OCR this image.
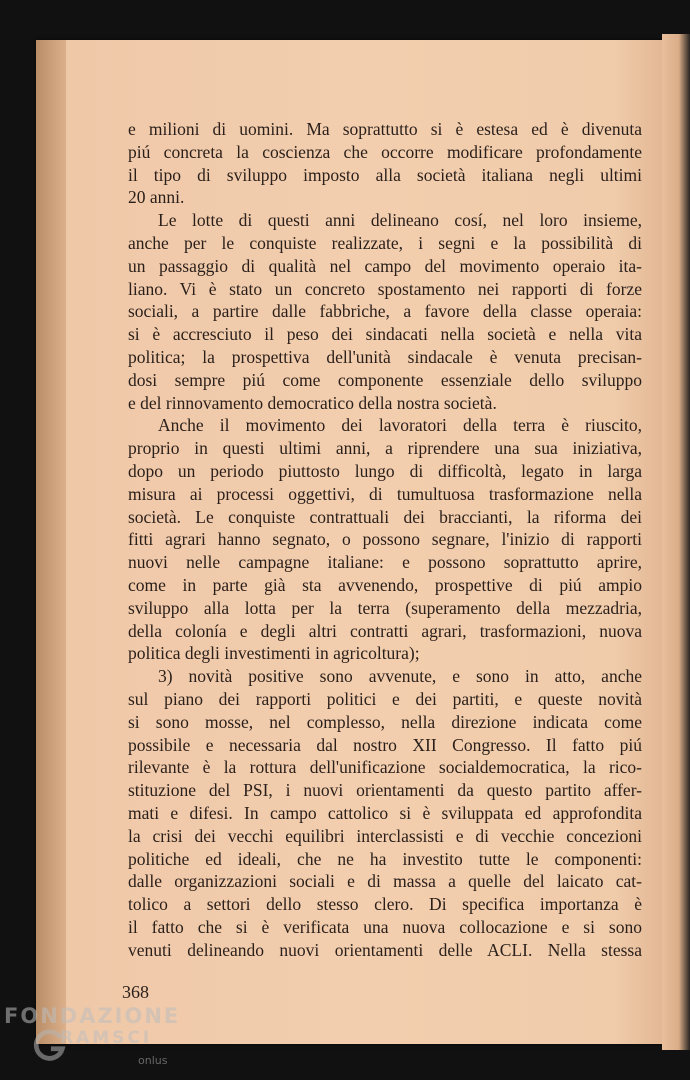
e milioni di uomini. Ma soprattutto si è estesa ed è divenuta
piú concreta la coscienza che occorre modificare profondamente
il tipo di sviluppo imposto alla società italiana negli ultimi
20 anni.
Le lotte di questi anni delineano cosí, nel loro insieme,
anche per le conquiste realizzate, i segni e la possibilità di
un passaggio di qualità nel campo del movimento operaio ita-
liano. Vi è stato un concreto spostamento nei rapporti di forze
sociali, a partire dalle fabbriche, a favore della classe operaia:
si è accresciuto il peso dei sindacati nella società e nella vita
politica; la prospettiva dell'unità sindacale è venuta precisan-
dosi sempre piú come componente essenziale dello sviluppo
e del rinnovamento democratico della nostra società.
Anche il movimento dei lavoratori della terra è riuscito,
proprio in questi ultimi anni, a riprendere una sua iniziativa,
dopo un periodo piuttosto lungo di difficoltà, legato in larga
misura ai processi oggettivi, di tumultuosa trasformazione nella
società. Le conquiste contrattuali dei braccianti, la riforma dei
fitti agrari hanno segnato, o possono segnare, l'inizio di rapporti
nuovi nelle campagne italiane: e possono soprattutto aprire,
come in parte già sta avvenendo, prospettive di piú ampio
sviluppo alla lotta per la terra (superamento della mezzadria,
della colonía e degli altri contratti agrari, trasformazioni, nuova
politica degli investimenti in agricoltura);
3) novità positive sono avvenute, e sono in atto, anche
sul piano dei rapporti politici e dei partiti, e queste novità
si sono mosse, nel complesso, nella direzione indicata come
possibile e necessaria dal nostro XII Congresso. Il fatto piú
rilevante è la rottura dell'unificazione socialdemocratica, la rico-
stituzione del PSI, i nuovi orientamenti da questo partito affer-
mati e difesi. In campo cattolico si è sviluppata ed approfondita
la crisi dei vecchi equilibri interclassisti e di vecchie concezioni
politiche ed ideali, che ne ha investito tutte le componenti:
dalle organizzazioni sociali e di massa a quelle del laicato cat-
tolico a settori dello stesso clero. Di specifica importanza è
il fatto che si è verificata una nuova collocazione e si sono
venuti delineando nuovi orientamenti delle ACLI. Nella stessa
368
FONDAZIONE
RAMSCI
onlus
